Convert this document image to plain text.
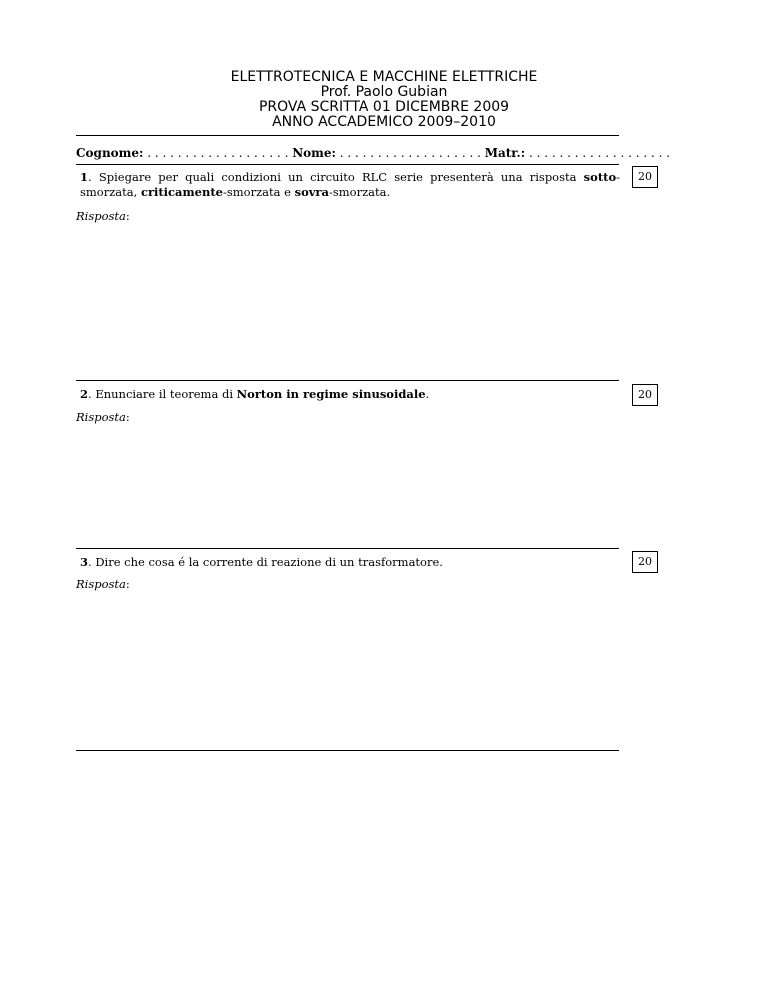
ELETTROTECNICA E MACCHINE ELETTRICHE
Prof. Paolo Gubian
PROVA SCRITTA 01 DICEMBRE 2009
ANNO ACCADEMICO 2009–2010
Cognome: . . . . . . . . . . . . . . . . . . . Nome: . . . . . . . . . . . . . . . . . . . Matr.: . . . . . . . . . . . . . . . . . . .
1. Spiegare per quali condizioni un circuito RLC serie presenterà una risposta sotto-smorzata, criticamente-smorzata e sovra-smorzata.
20
Risposta:
2. Enunciare il teorema di Norton in regime sinusoidale.	20
Risposta:
3. Dire che cosa é la corrente di reazione di un trasformatore.	20
Risposta:
